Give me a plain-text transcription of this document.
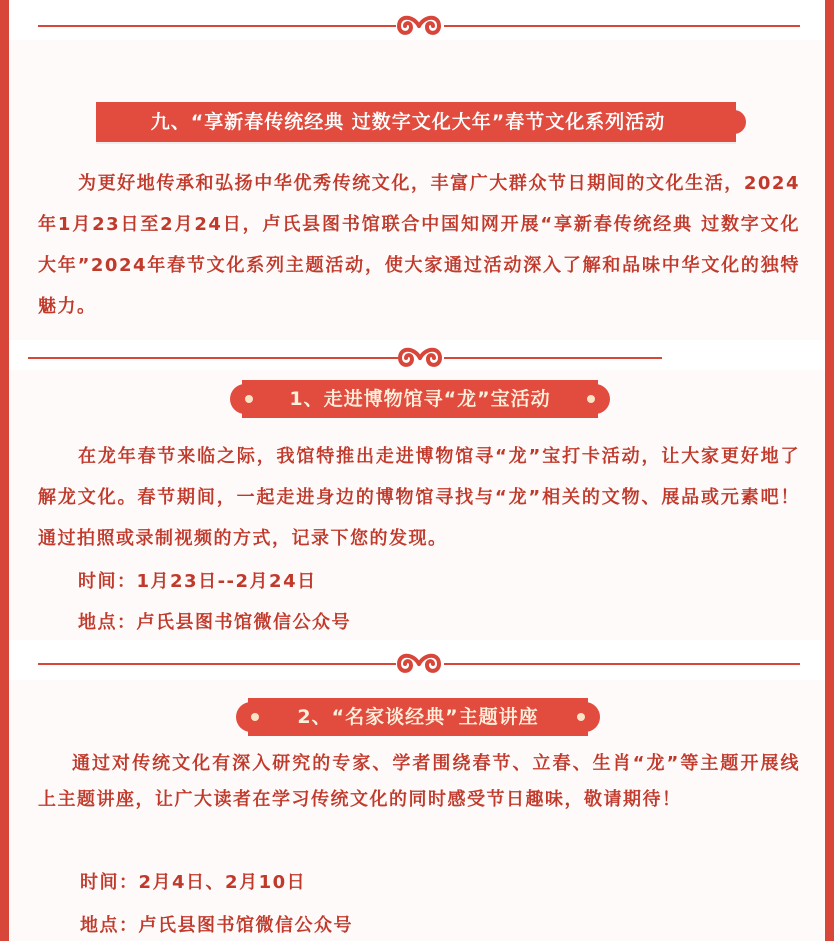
九、“享新春传统经典 过数字文化大年”春节文化系列活动

为更好地传承和弘扬中华优秀传统文化，丰富广大群众节日期间的文化生活，2024年1月23日至2月24日，卢氏县图书馆联合中国知网开展“享新春传统经典 过数字文化大年”2024年春节文化系列主题活动，使大家通过活动深入了解和品味中华文化的独特魅力。

1、走进博物馆寻“龙”宝活动

在龙年春节来临之际，我馆特推出走进博物馆寻“龙”宝打卡活动，让大家更好地了解龙文化。春节期间，一起走进身边的博物馆寻找与“龙”相关的文物、展品或元素吧！通过拍照或录制视频的方式，记录下您的发现。

时间：1月23日--2月24日
地点：卢氏县图书馆微信公众号
2、“名家谈经典”主题讲座

通过对传统文化有深入研究的专家、学者围绕春节、立春、生肖“龙”等主题开展线上主题讲座，让广大读者在学习传统文化的同时感受节日趣味，敬请期待！

时间：2月4日、2月10日
地点：卢氏县图书馆微信公众号
